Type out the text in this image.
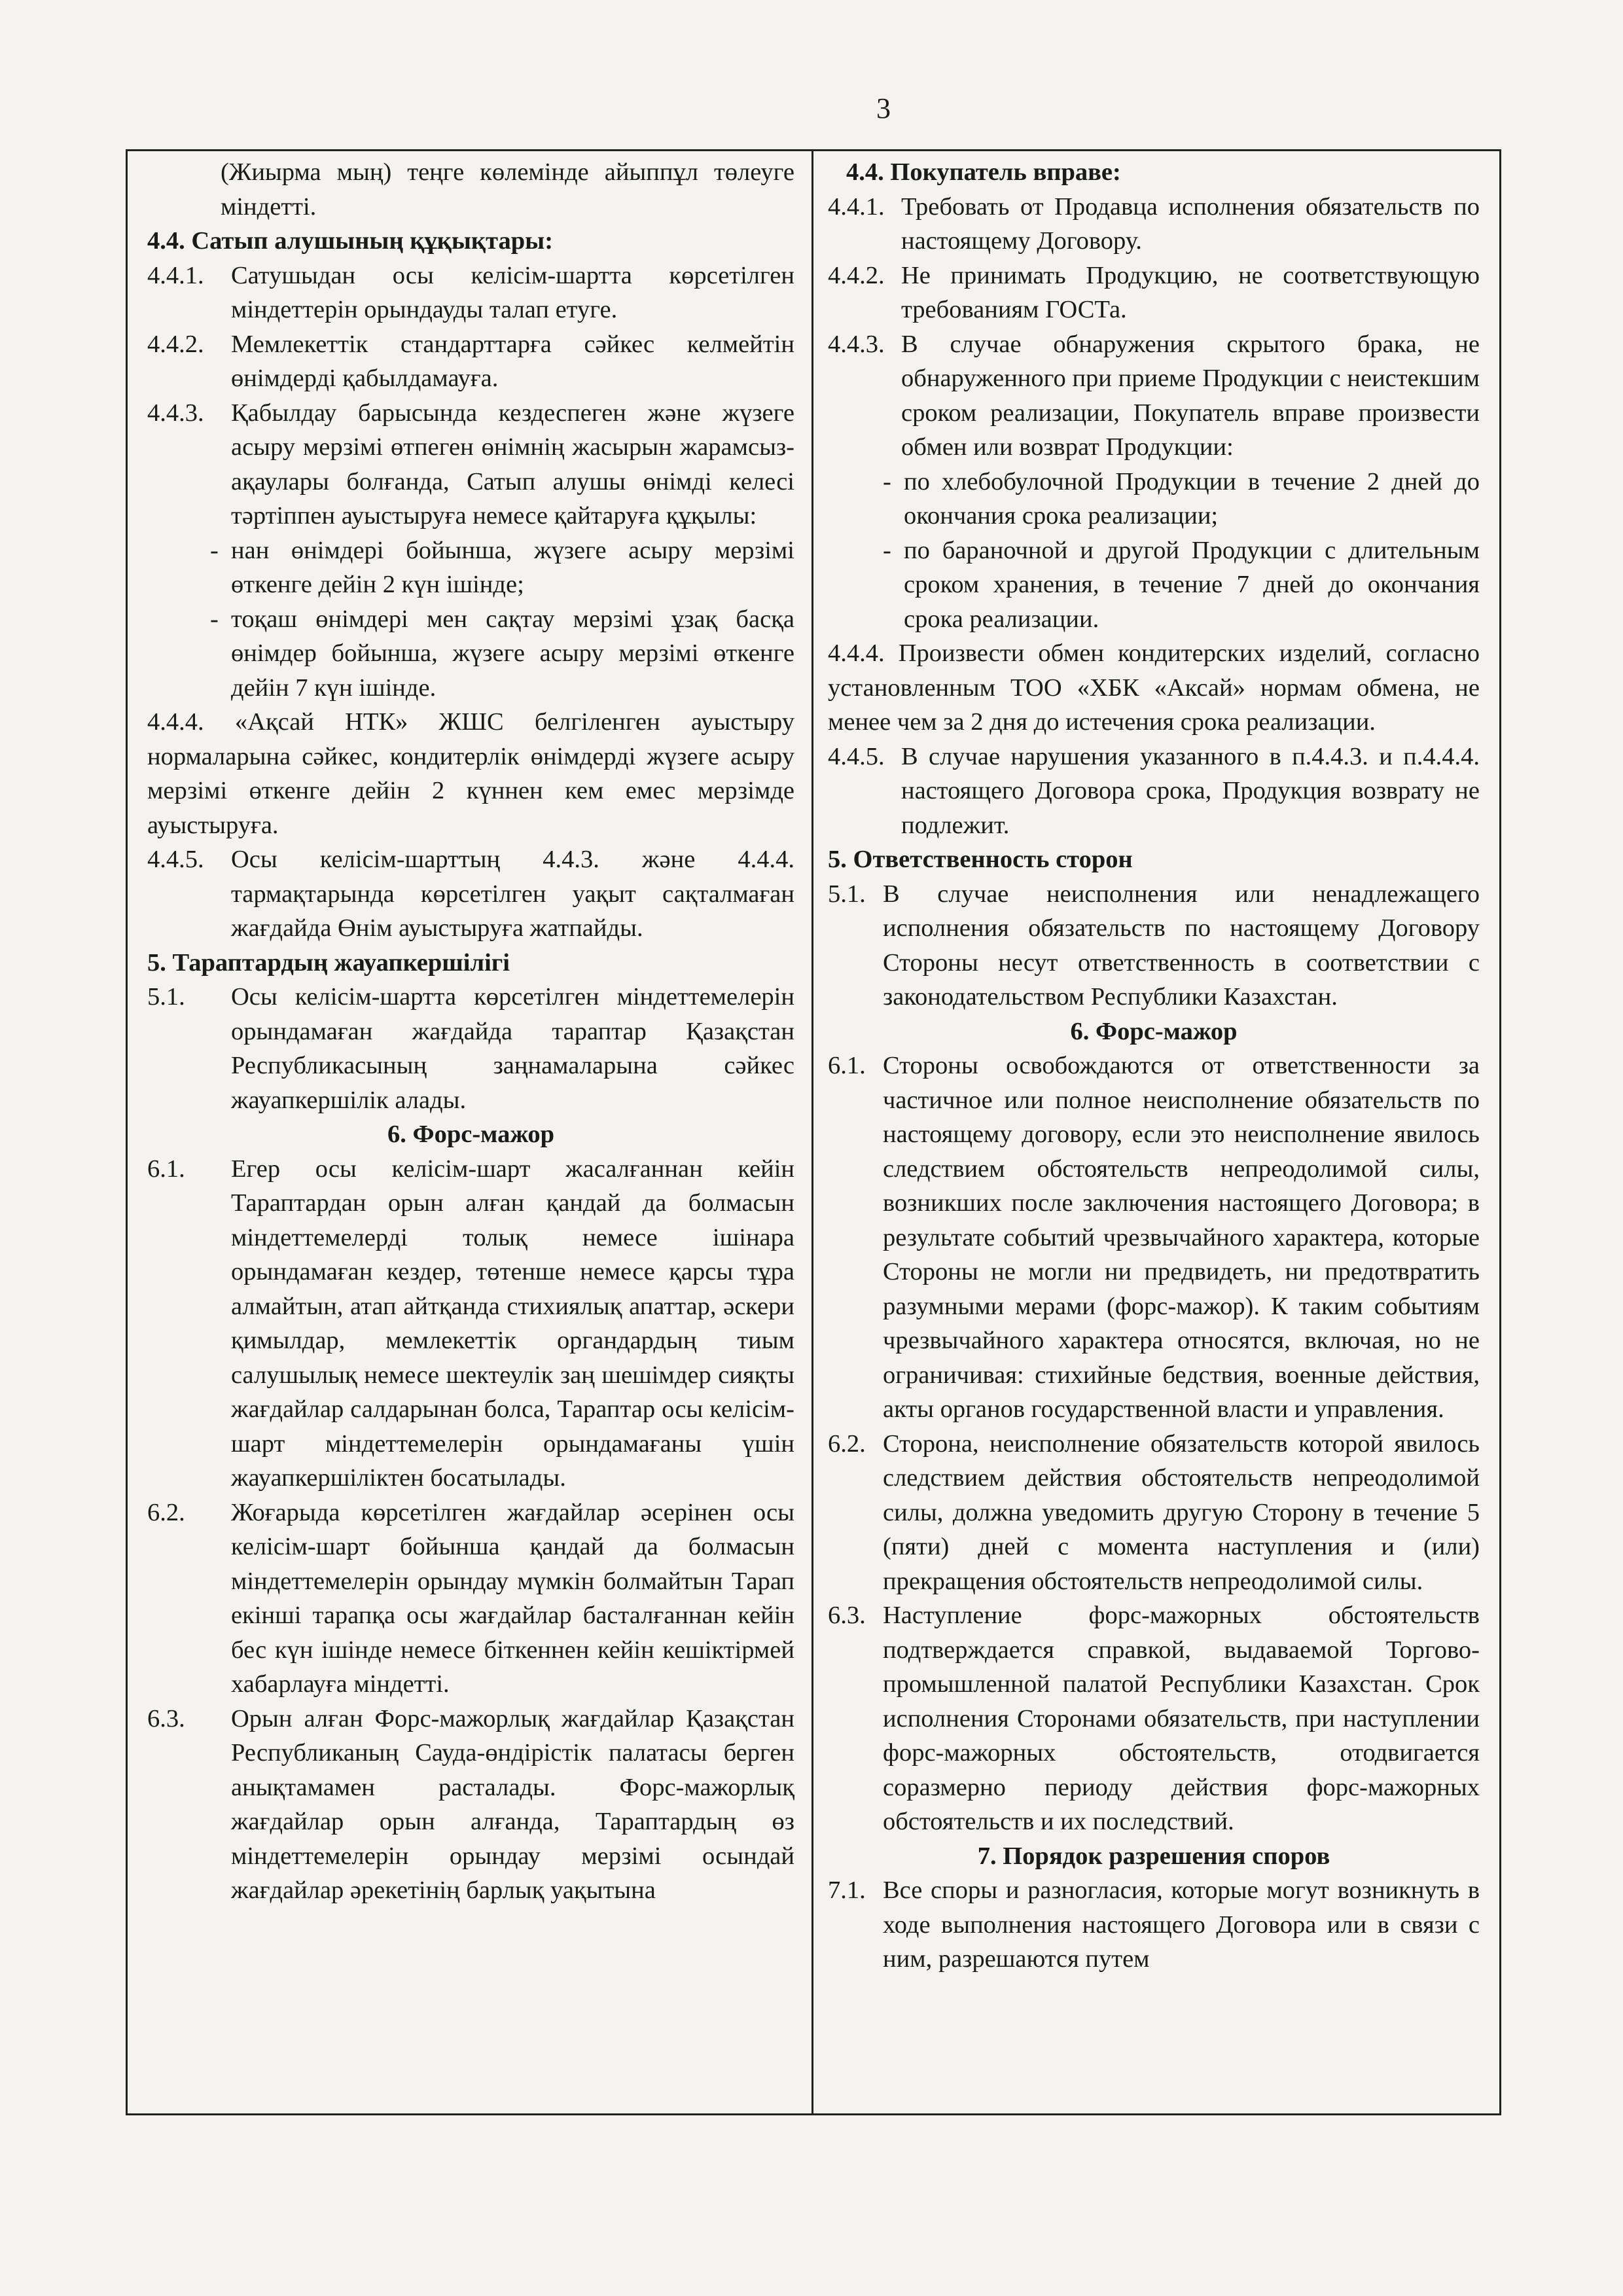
3
(Жиырма мың) теңге көлемінде айыппұл төлеуге міндетті.
4.4. Сатып алушының құқықтары:
4.4.1.	Сатушыдан осы келісім-шартта көрсетілген міндеттерін орындауды талап етуге.
4.4.2.	Мемлекеттік стандарттарға сәйкес келмейтін өнімдерді қабылдамауға.
4.4.3.	Қабылдау барысында кездеспеген және жүзеге асыру мерзімі өтпеген өнімнің жасырын жарамсыз-ақаулары болғанда, Сатып алушы өнімді келесі тәртіппен ауыстыруға немесе қайтаруға құқылы:
- нан өнімдері бойынша, жүзеге асыру мерзімі өткенге дейін 2 күн ішінде;
- тоқаш өнімдері мен сақтау мерзімі ұзақ басқа өнімдер бойынша, жүзеге асыру мерзімі өткенге дейін 7 күн ішінде.
4.4.4. «Ақсай НТК» ЖШС белгіленген ауыстыру нормаларына сәйкес, кондитерлік өнімдерді жүзеге асыру мерзімі өткенге дейін 2 күннен кем емес мерзімде ауыстыруға.
4.4.5.	Осы келісім-шарттың 4.4.3. және 4.4.4. тармақтарында көрсетілген уақыт сақталмаған жағдайда Өнім ауыстыруға жатпайды.
5. Тараптардың жауапкершілігі
5.1.	Осы келісім-шартта көрсетілген міндеттемелерін орындамаған жағдайда тараптар Қазақстан Республикасының заңнамаларына сәйкес жауапкершілік алады.
6. Форс-мажор
6.1.	Егер осы келісім-шарт жасалғаннан кейін Тараптардан орын алған қандай да болмасын міндеттемелерді толық немесе ішінара орындамаған кездер, төтенше немесе қарсы тұра алмайтын, атап айтқанда стихиялық апаттар, әскери қимылдар, мемлекеттік органдардың тиым салушылық немесе шектеулік заң шешімдер сияқты жағдайлар салдарынан болса, Тараптар осы келісім-шарт міндеттемелерін орындамағаны үшін жауапкершіліктен босатылады.
6.2.	Жоғарыда көрсетілген жағдайлар әсерінен осы келісім-шарт бойынша қандай да болмасын міндеттемелерін орындау мүмкін болмайтын Тарап екінші тарапқа осы жағдайлар басталғаннан кейін бес күн ішінде немесе біткеннен кейін кешіктірмей хабарлауға міндетті.
6.3.	Орын алған Форс-мажорлық жағдайлар Қазақстан Республиканың Сауда-өндірістік палатасы берген анықтамамен расталады. Форс-мажорлық жағдайлар орын алғанда, Тараптардың өз міндеттемелерін орындау мерзімі осындай жағдайлар әрекетінің барлық уақытына
4.4. Покупатель вправе:
4.4.1. Требовать от Продавца исполнения обязательств по настоящему Договору.
4.4.2. Не принимать Продукцию, не соответствующую требованиям ГОСТа.
4.4.3. В случае обнаружения скрытого брака, не обнаруженного при приеме Продукции с неистекшим сроком реализации, Покупатель вправе произвести обмен или возврат Продукции:
- по хлебобулочной Продукции в течение 2 дней до окончания срока реализации;
- по бараночной и другой Продукции с длительным сроком хранения, в течение 7 дней до окончания срока реализации.
4.4.4. Произвести обмен кондитерских изделий, согласно установленным ТОО «ХБК «Аксай» нормам обмена, не менее чем за 2 дня до истечения срока реализации.
4.4.5. В случае нарушения указанного в п.4.4.3. и п.4.4.4. настоящего Договора срока, Продукция возврату не подлежит.
5. Ответственность сторон
5.1. В случае неисполнения или ненадлежащего исполнения обязательств по настоящему Договору Стороны несут ответственность в соответствии с законодательством Республики Казахстан.
6. Форс-мажор
6.1. Стороны освобождаются от ответственности за частичное или полное неисполнение обязательств по настоящему договору, если это неисполнение явилось следствием обстоятельств непреодолимой силы, возникших после заключения настоящего Договора; в результате событий чрезвычайного характера, которые Стороны не могли ни предвидеть, ни предотвратить разумными мерами (форс-мажор). К таким событиям чрезвычайного характера относятся, включая, но не ограничивая: стихийные бедствия, военные действия, акты органов государственной власти и управления.
6.2. Сторона, неисполнение обязательств которой явилось следствием действия обстоятельств непреодолимой силы, должна уведомить другую Сторону в течение 5 (пяти) дней с момента наступления и (или) прекращения обстоятельств непреодолимой силы.
6.3. Наступление форс-мажорных обстоятельств подтверждается справкой, выдаваемой Торгово-промышленной палатой Республики Казахстан. Срок исполнения Сторонами обязательств, при наступлении форс-мажорных обстоятельств, отодвигается соразмерно периоду действия форс-мажорных обстоятельств и их последствий.
7. Порядок разрешения споров
7.1. Все споры и разногласия, которые могут возникнуть в ходе выполнения настоящего Договора или в связи с ним, разрешаются путем
